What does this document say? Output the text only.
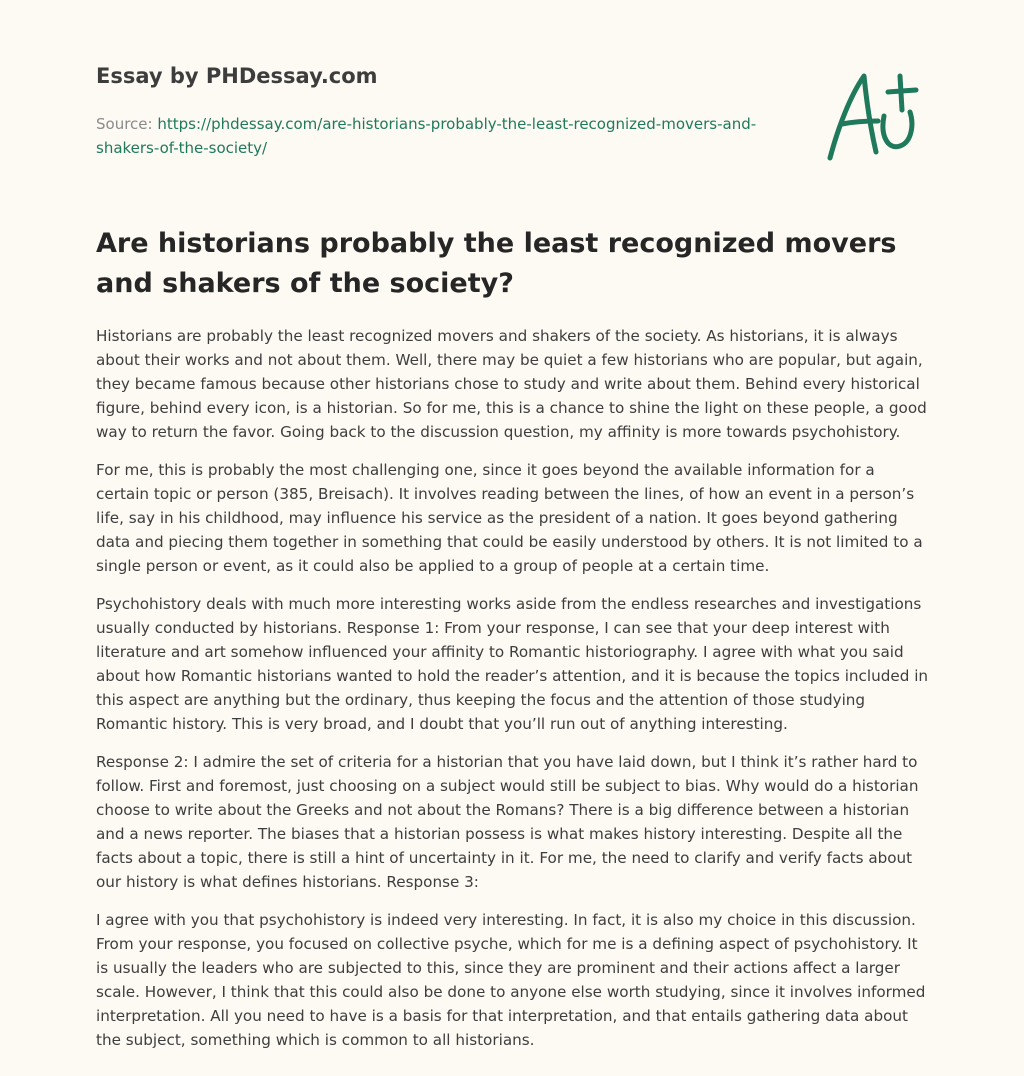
Essay by PHDessay.com
Source: https://phdessay.com/are-historians-probably-the-least-recognized-movers-and-shakers-of-the-society/
Are historians probably the least recognized movers and shakers of the society?

Historians are probably the least recognized movers and shakers of the society. As historians, it is always about their works and not about them. Well, there may be quiet a few historians who are popular, but again, they became famous because other historians chose to study and write about them. Behind every historical figure, behind every icon, is a historian. So for me, this is a chance to shine the light on these people, a good way to return the favor. Going back to the discussion question, my affinity is more towards psychohistory.

For me, this is probably the most challenging one, since it goes beyond the available information for a certain topic or person (385, Breisach). It involves reading between the lines, of how an event in a person’s life, say in his childhood, may influence his service as the president of a nation. It goes beyond gathering data and piecing them together in something that could be easily understood by others. It is not limited to a single person or event, as it could also be applied to a group of people at a certain time.

Psychohistory deals with much more interesting works aside from the endless researches and investigations usually conducted by historians. Response 1: From your response, I can see that your deep interest with literature and art somehow influenced your affinity to Romantic historiography. I agree with what you said about how Romantic historians wanted to hold the reader’s attention, and it is because the topics included in this aspect are anything but the ordinary, thus keeping the focus and the attention of those studying Romantic history. This is very broad, and I doubt that you’ll run out of anything interesting.

Response 2: I admire the set of criteria for a historian that you have laid down, but I think it’s rather hard to follow. First and foremost, just choosing on a subject would still be subject to bias. Why would do a historian choose to write about the Greeks and not about the Romans? There is a big difference between a historian and a news reporter. The biases that a historian possess is what makes history interesting. Despite all the facts about a topic, there is still a hint of uncertainty in it. For me, the need to clarify and verify facts about our history is what defines historians. Response 3:

I agree with you that psychohistory is indeed very interesting. In fact, it is also my choice in this discussion. From your response, you focused on collective psyche, which for me is a defining aspect of psychohistory. It is usually the leaders who are subjected to this, since they are prominent and their actions affect a larger scale. However, I think that this could also be done to anyone else worth studying, since it involves informed interpretation. All you need to have is a basis for that interpretation, and that entails gathering data about the subject, something which is common to all historians.
